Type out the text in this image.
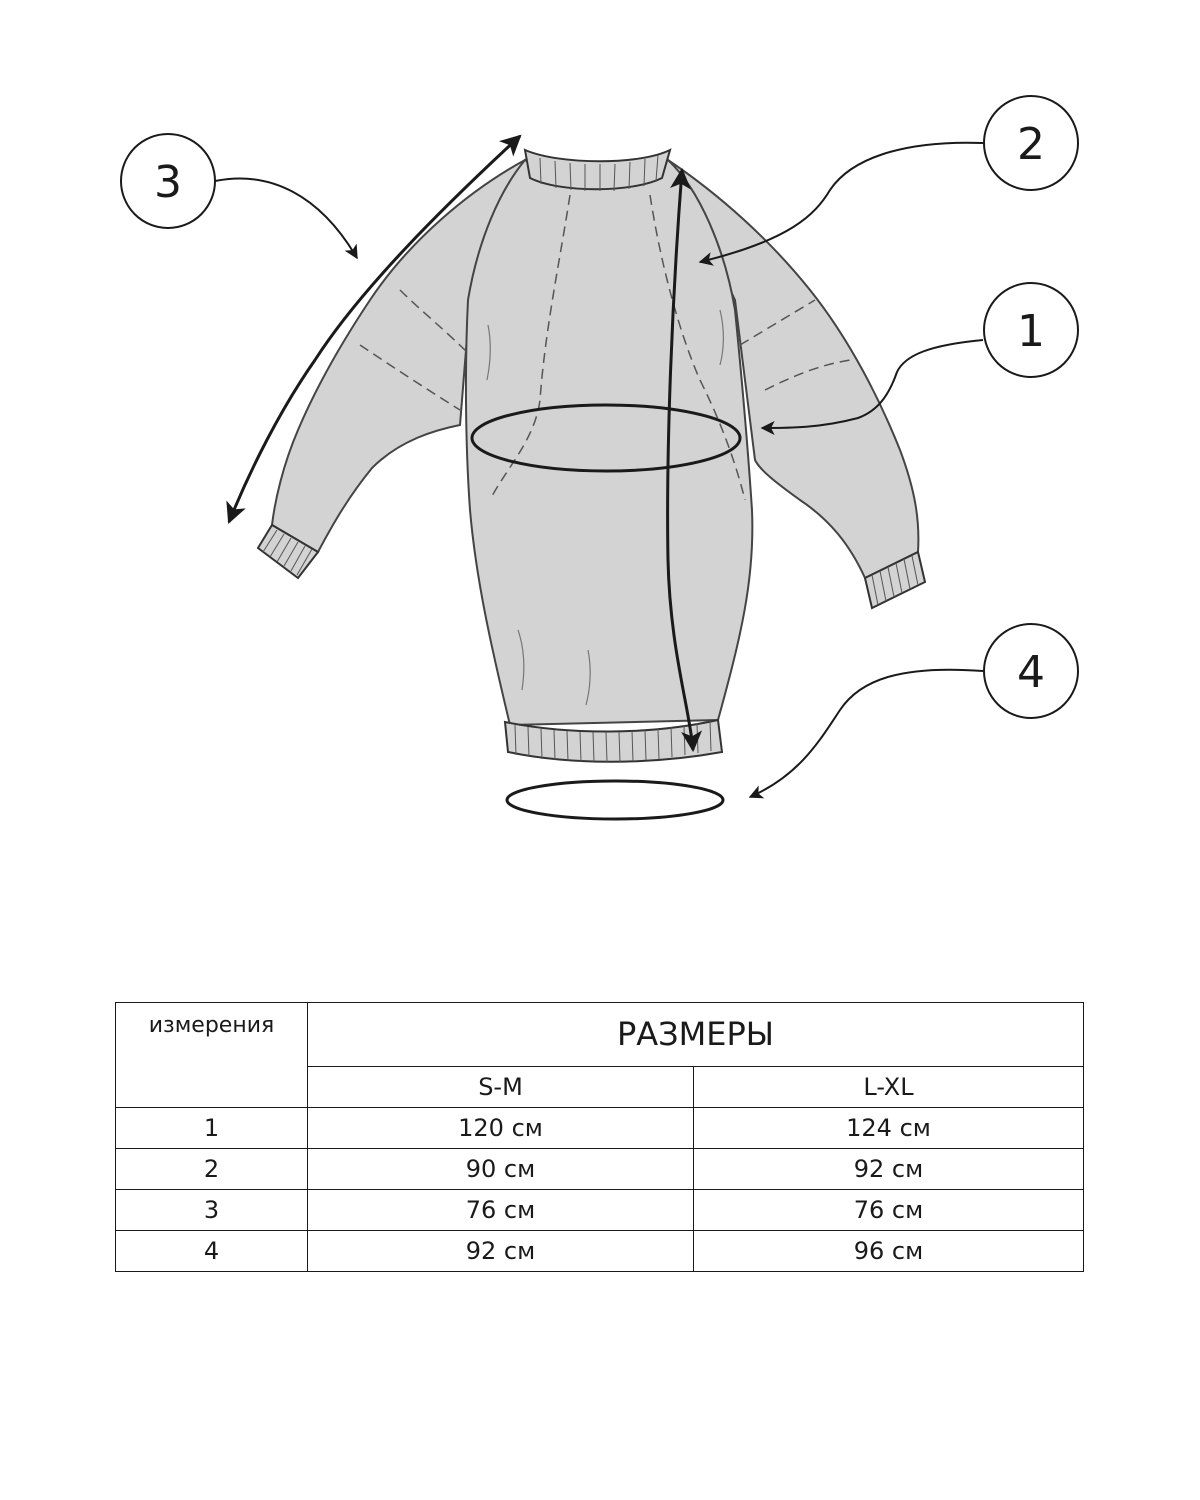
1
2
3
4
измерения	РАЗМЕРЫ	
	S-M	L-XL
1	120 см	124 см
2	90 см	92 см
3	76 см	76 см
4	92 см	96 см
